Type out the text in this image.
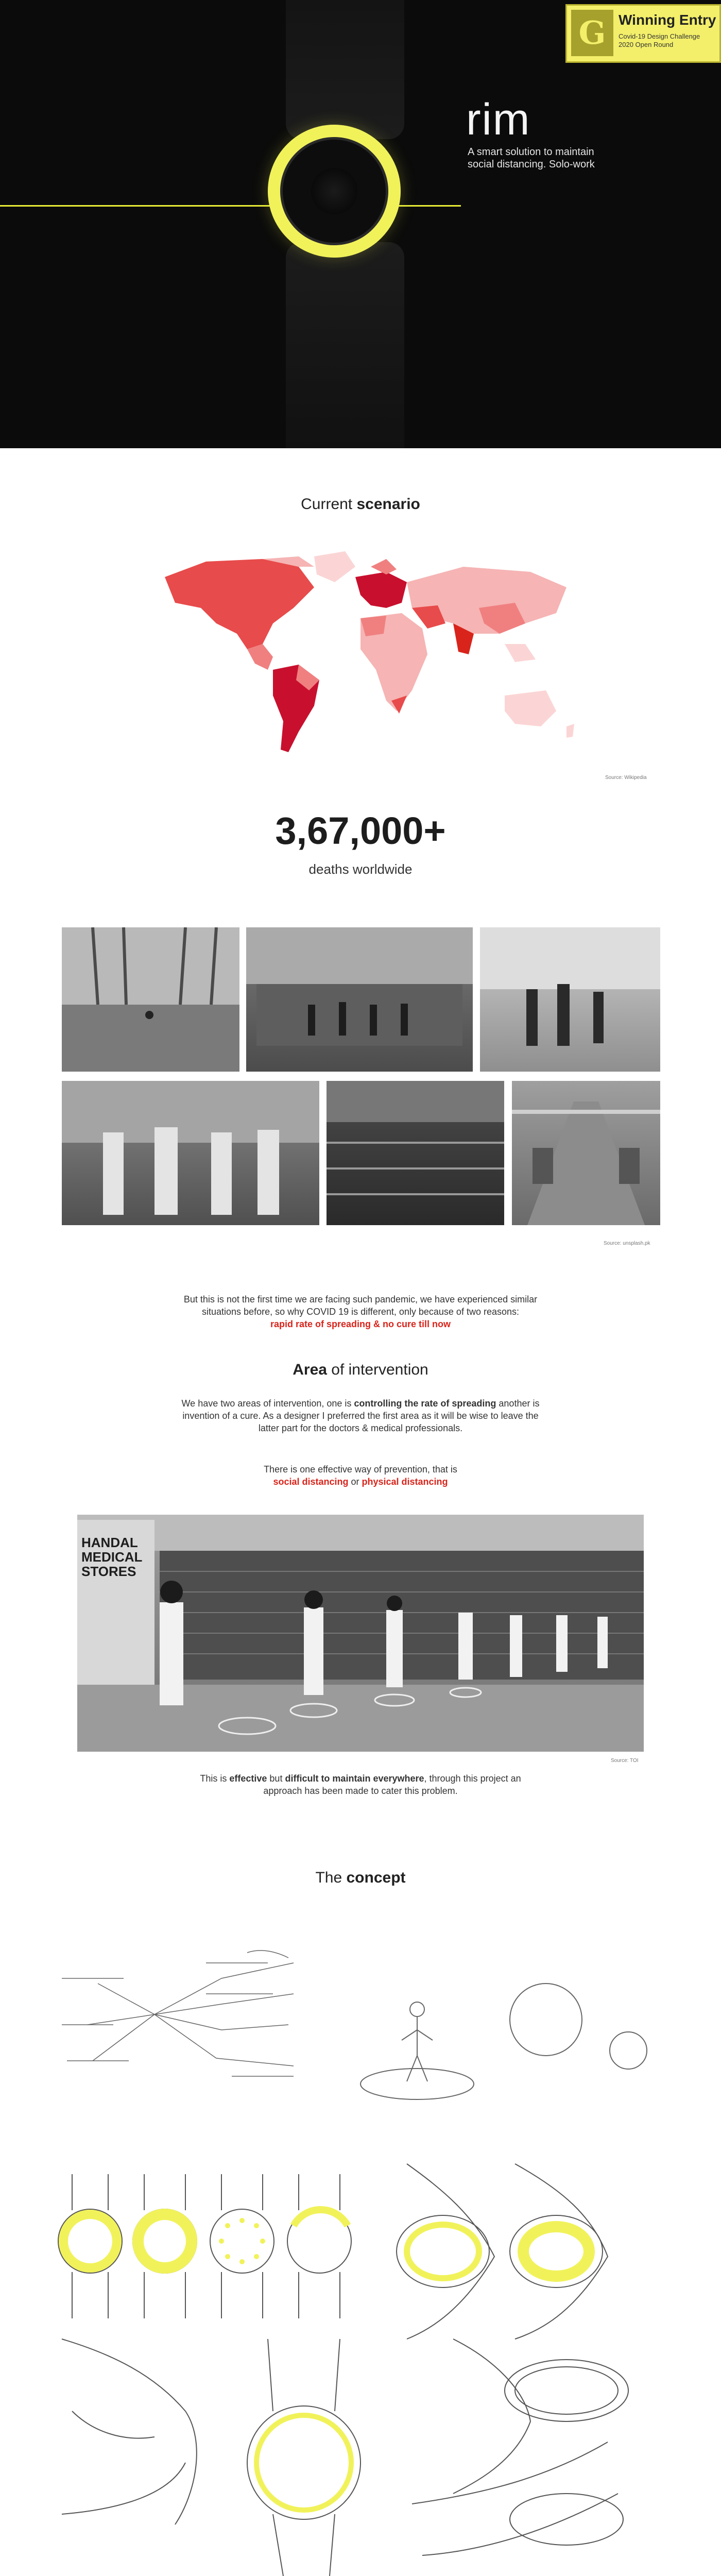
rim
A smart solution to maintain social distancing. Solo-work
G Winning Entry
Covid-19 Design Challenge 2020 Open Round
Current scenario
Source: Wikipedia
3,67,000+
deaths worldwide
Source: unsplash.pk
But this is not the first time we are facing such pandemic, we have experienced similar situations before, so why COVID 19 is different, only because of two reasons:
rapid rate of spreading & no cure till now
Area of intervention
We have two areas of intervention, one is controlling the rate of spreading another is invention of a cure. As a designer I preferred the first area as it will be wise to leave the latter part for the doctors & medical professionals.
There is one effective way of prevention, that is
social distancing or physical distancing
HANDAL MEDICAL STORES
Source: TOI
This is effective but difficult to maintain everywhere, through this project an approach has been made to cater this problem.
The concept
